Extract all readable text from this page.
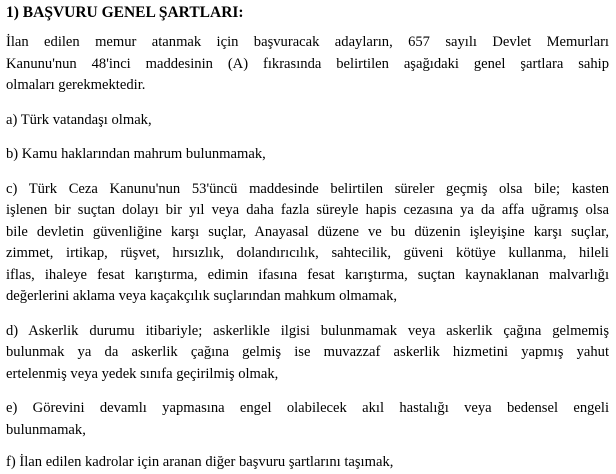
1) BAŞVURU GENEL ŞARTLARI:

İlan edilen memur atanmak için başvuracak adayların, 657 sayılı Devlet Memurları
Kanunu'nun 48'inci maddesinin (A) fıkrasında belirtilen aşağıdaki genel şartlara sahip
olmaları gerekmektedir.

a) Türk vatandaşı olmak,

b) Kamu haklarından mahrum bulunmamak,

c) Türk Ceza Kanunu'nun 53'üncü maddesinde belirtilen süreler geçmiş olsa bile; kasten
işlenen bir suçtan dolayı bir yıl veya daha fazla süreyle hapis cezasına ya da affa uğramış olsa
bile devletin güvenliğine karşı suçlar, Anayasal düzene ve bu düzenin işleyişine karşı suçlar,
zimmet, irtikap, rüşvet, hırsızlık, dolandırıcılık, sahtecilik, güveni kötüye kullanma, hileli
iflas, ihaleye fesat karıştırma, edimin ifasına fesat karıştırma, suçtan kaynaklanan malvarlığı
değerlerini aklama veya kaçakçılık suçlarından mahkum olmamak,

d) Askerlik durumu itibariyle; askerlikle ilgisi bulunmamak veya askerlik çağına gelmemiş
bulunmak ya da askerlik çağına gelmiş ise muvazzaf askerlik hizmetini yapmış yahut
ertelenmiş veya yedek sınıfa geçirilmiş olmak,

e) Görevini devamlı yapmasına engel olabilecek akıl hastalığı veya bedensel engeli
bulunmamak,

f) İlan edilen kadrolar için aranan diğer başvuru şartlarını taşımak,
